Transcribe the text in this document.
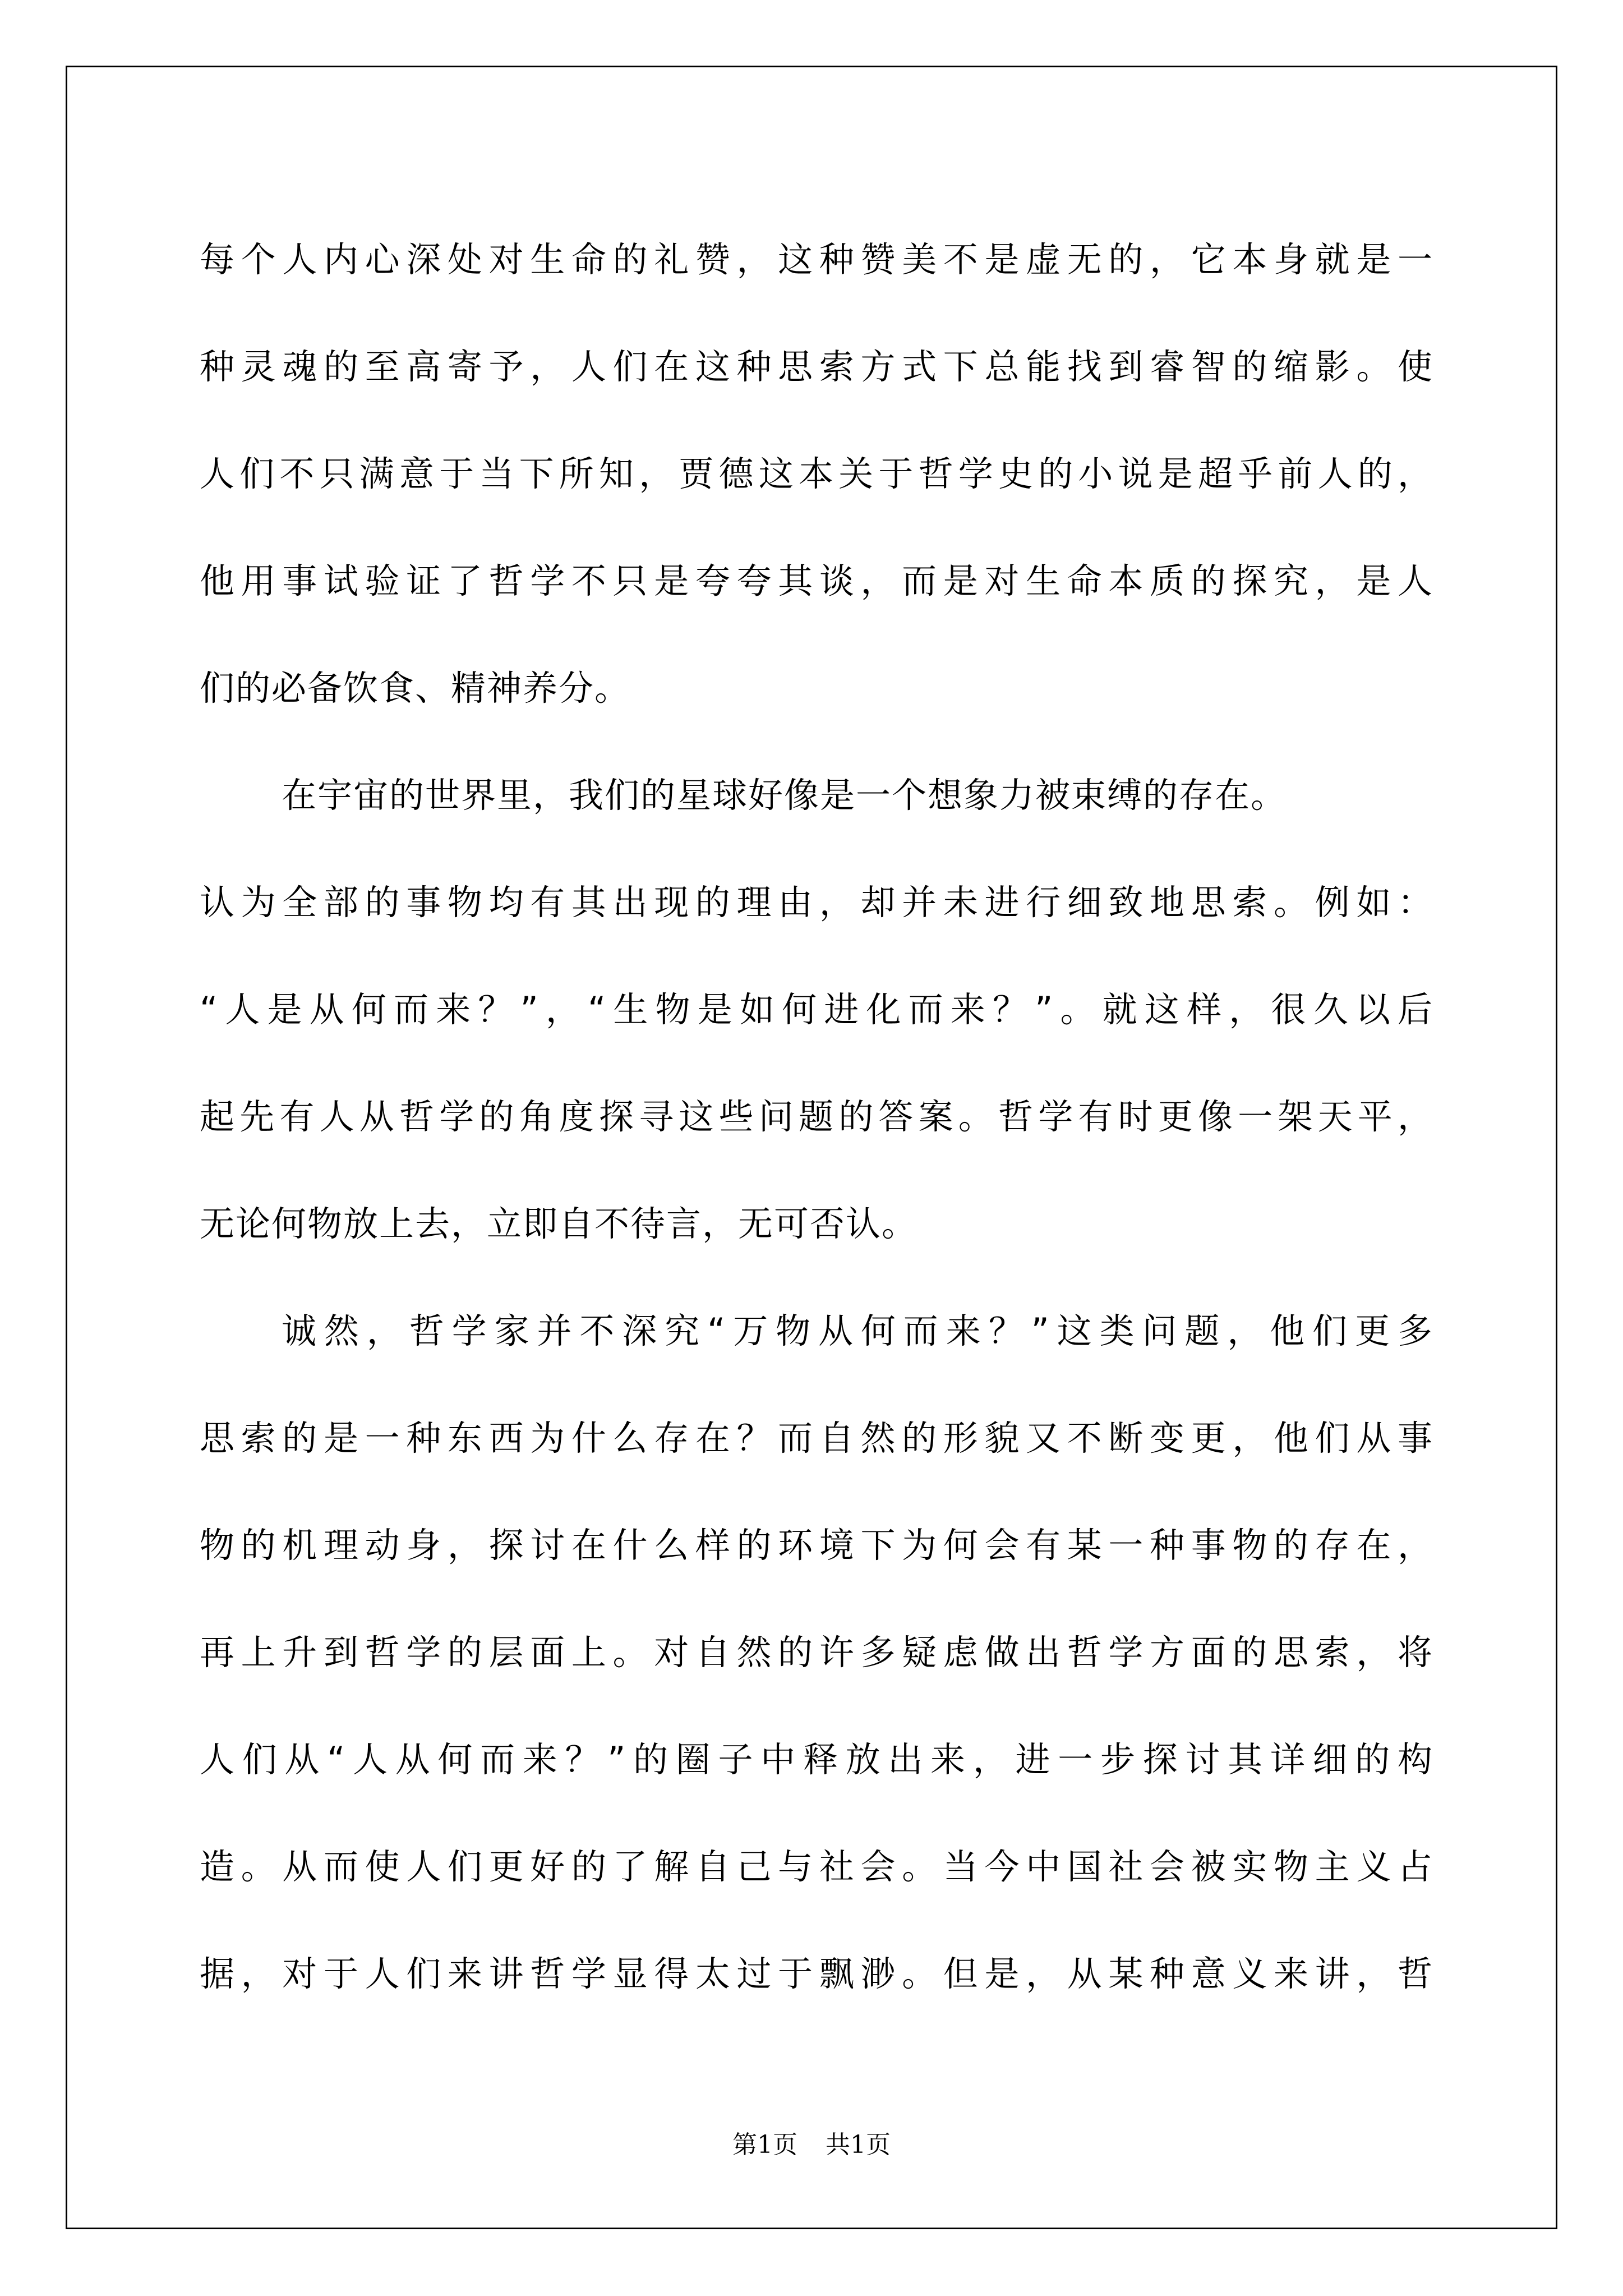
每个人内心深处对生命的礼赞，这种赞美不是虚无的，它本身就是一
种灵魂的至高寄予，人们在这种思索方式下总能找到睿智的缩影。使
人们不只满意于当下所知，贾德这本关于哲学史的小说是超乎前人的，
他用事试验证了哲学不只是夸夸其谈，而是对生命本质的探究，是人
们的必备饮食、精神养分。
在宇宙的世界里，我们的星球好像是一个想象力被束缚的存在。
认为全部的事物均有其出现的理由，却并未进行细致地思索。例如：
“人是从何而来？”，“生物是如何进化而来？”。就这样，很久以后
起先有人从哲学的角度探寻这些问题的答案。哲学有时更像一架天平，
无论何物放上去，立即自不待言，无可否认。
诚然，哲学家并不深究“万物从何而来？”这类问题，他们更多
思索的是一种东西为什么存在？而自然的形貌又不断变更，他们从事
物的机理动身，探讨在什么样的环境下为何会有某一种事物的存在，
再上升到哲学的层面上。对自然的许多疑虑做出哲学方面的思索，将
人们从“人从何而来？”的圈子中释放出来，进一步探讨其详细的构
造。从而使人们更好的了解自己与社会。当今中国社会被实物主义占
据，对于人们来讲哲学显得太过于飘渺。但是，从某种意义来讲，哲
第1页 共1页
